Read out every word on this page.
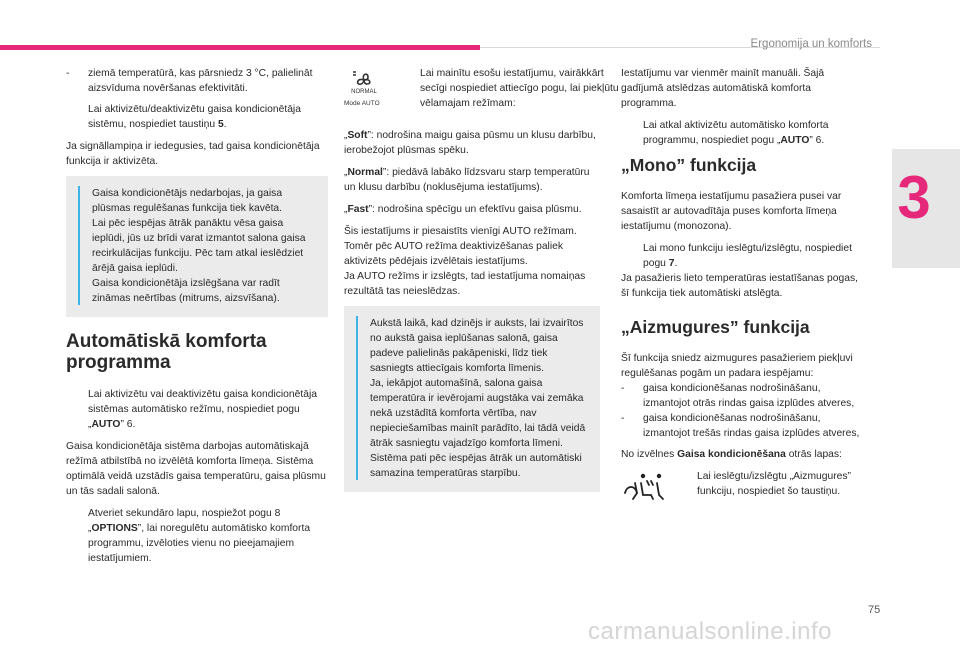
Ergonomija un komforts
3
75
carmanualsonline.info
- ziemā temperatūrā, kas pārsniedz 3 °C, palielināt aizsvīduma novēršanas efektivitāti.
Lai aktivizētu/deaktivizētu gaisa kondicionētāja sistēmu, nospiediet taustiņu 5.

Ja signāllampiņa ir iedegusies, tad gaisa kondicionētāja funkcija ir aktivizēta.

Gaisa kondicionētājs nedarbojas, ja gaisa plūsmas regulēšanas funkcija tiek kavēta.
Lai pēc iespējas ātrāk panāktu vēsa gaisa ieplūdi, jūs uz brīdi varat izmantot salona gaisa recirkulācijas funkciju. Pēc tam atkal ieslēdziet ārējā gaisa ieplūdi.
Gaisa kondicionētāja izslēgšana var radīt zināmas neērtības (mitrums, aizsvīšana).
Automātiskā komforta programma
Lai aktivizētu vai deaktivizētu gaisa kondicionētāja sistēmas automātisko režīmu, nospiediet pogu „AUTO” 6.

Gaisa kondicionētāja sistēma darbojas automātiskajā režīmā atbilstībā no izvēlētā komforta līmeņa. Sistēma optimālā veidā uzstādīs gaisa temperatūru, gaisa plūsmu un tās sadali salonā.

Atveriet sekundāro lapu, nospiežot pogu 8 „OPTIONS”, lai noregulētu automātisko komforta programmu, izvēloties vienu no pieejamajiem iestatījumiem.
NORMAL
Mode AUTO
Lai mainītu esošu iestatījumu, vairākkārt secīgi nospiediet attiecīgo pogu, lai piekļūtu vēlamajam režīmam:

„Soft”: nodrošina maigu gaisa pūsmu un klusu darbību, ierobežojot plūsmas spēku.

„Normal”: piedāvā labāko līdzsvaru starp temperatūru un klusu darbību (noklusējuma iestatījums).

„Fast”: nodrošina spēcīgu un efektīvu gaisa plūsmu.

Šis iestatījums ir piesaistīts vienīgi AUTO režīmam. Tomēr pēc AUTO režīma deaktivizēšanas paliek aktivizēts pēdējais izvēlētais iestatījums.

Ja AUTO režīms ir izslēgts, tad iestatījuma nomaiņas rezultātā tas neieslēdzas.

Aukstā laikā, kad dzinējs ir auksts, lai izvairītos no aukstā gaisa ieplūšanas salonā, gaisa padeve palielinās pakāpeniski, līdz tiek sasniegts attiecīgais komforta līmenis.
Ja, iekāpjot automašīnā, salona gaisa temperatūra ir ievērojami augstāka vai zemāka nekā uzstādītā komforta vērtība, nav nepieciešamības mainīt parādīto, lai tādā veidā ātrāk sasniegtu vajadzīgo komforta līmeni. Sistēma pati pēc iespējas ātrāk un automātiski samazina temperatūras starpību.

Iestatījumu var vienmēr mainīt manuāli. Šajā gadījumā atslēdzas automātiskā komforta programma.

Lai atkal aktivizētu automātisko komforta programmu, nospiediet pogu „AUTO” 6.
„Mono” funkcija

Komforta līmeņa iestatījumu pasažiera pusei var sasaistīt ar autovadītāja puses komforta līmeņa iestatījumu (monozona).

Lai mono funkciju ieslēgtu/izslēgtu, nospiediet pogu 7.

Ja pasažieris lieto temperatūras iestatīšanas pogas, šī funkcija tiek automātiski atslēgta.

„Aizmugures” funkcija

Šī funkcija sniedz aizmugures pasažieriem piekļuvi regulēšanas pogām un padara iespējamu:

- gaisa kondicionēšanas nodrošināšanu, izmantojot otrās rindas gaisa izplūdes atveres,
- gaisa kondicionēšanas nodrošināšanu, izmantojot trešās rindas gaisa izplūdes atveres,

No izvēlnes Gaisa kondicionēšana otrās lapas:

Lai ieslēgtu/izslēgtu „Aizmugures” funkciju, nospiediet šo taustiņu.
